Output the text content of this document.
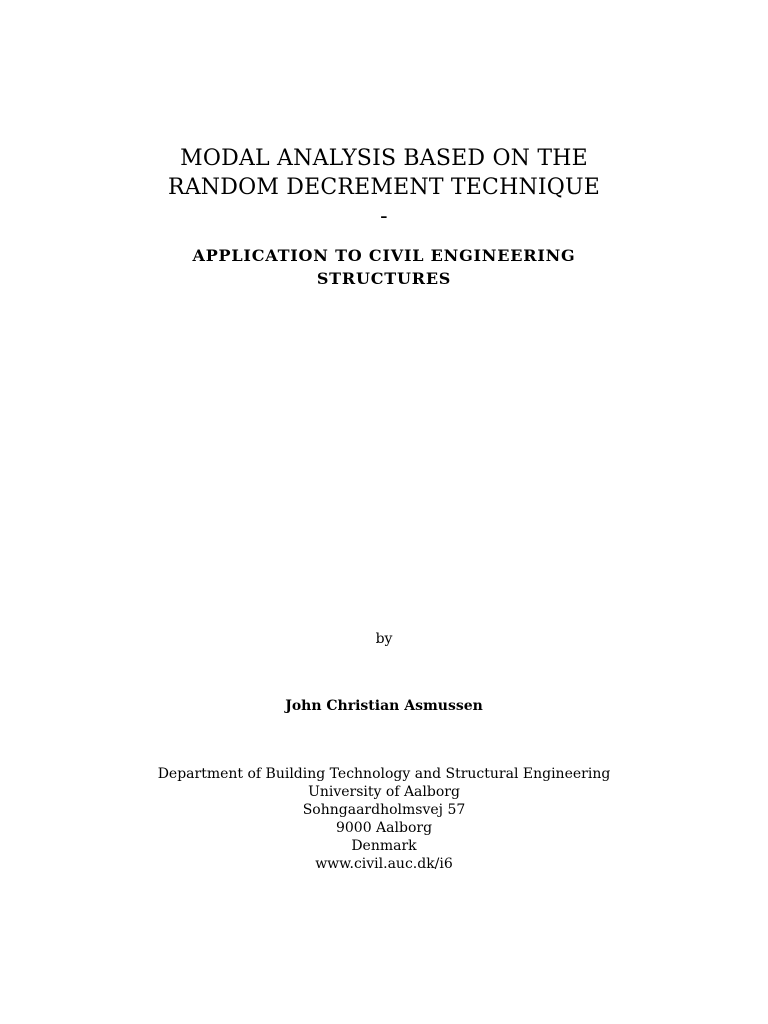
MODAL ANALYSIS BASED ON THE
RANDOM DECREMENT TECHNIQUE
-
APPLICATION TO CIVIL ENGINEERING
STRUCTURES
by
John Christian Asmussen
Department of Building Technology and Structural Engineering
University of Aalborg
Sohngaardholmsvej 57
9000 Aalborg
Denmark
www.civil.auc.dk/i6
